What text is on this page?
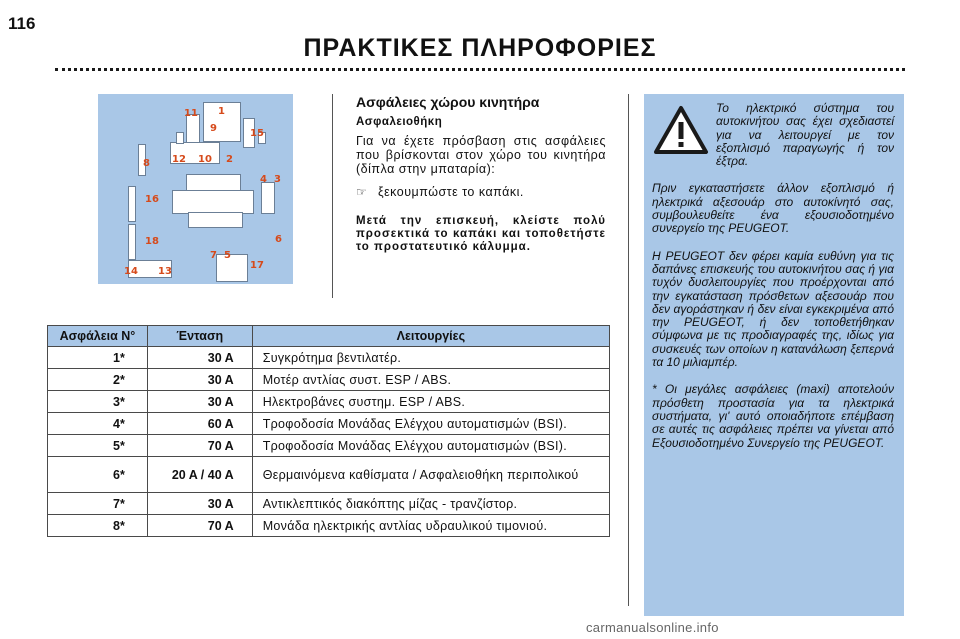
116
ΠΡΑΚΤΙΚΕΣ ΠΛΗΡΟΦΟΡΙΕΣ
1
11
9	15
12 10 2
8
16
4 3
6
18
7 5
17
14 13
Ασφάλειες χώρου κινητήρα
Ασφαλειοθήκη
Για να έχετε πρόσβαση στις ασφάλειες που βρίσκονται στον χώρο του κινητήρα (δίπλα στην μπαταρία):
☞ ξεκουμπώστε το καπάκι.
Μετά την επισκευή, κλείστε πολύ προσεκτικά το καπάκι και τοποθετήστε το προστατευτικό κάλυμμα.
Ασφάλεια N°	Ένταση	Λειτουργίες
1*	30 A	Συγκρότημα βεντιλατέρ.
2*	30 A	Μοτέρ αντλίας συστ. ESP / ABS.
3*	30 A	Ηλεκτροβάνες συστημ. ESP / ABS.
4*	60 A	Τροφοδοσία Μονάδας Ελέγχου αυτοματισμών (BSI).
5*	70 A	Τροφοδοσία Μονάδας Ελέγχου αυτοματισμών (BSI).
6*	20 A / 40 A	Θερμαινόμενα καθίσματα / Ασφαλειοθήκη περιπολικού
7*	30 A	Αντικλεπτικός διακόπτης μίζας - τρανζίστορ.
8*	70 A	Μονάδα ηλεκτρικής αντλίας υδραυλικού τιμονιού.

Το ηλεκτρικό σύστημα του αυτοκινήτου σας έχει σχεδιαστεί για να λειτουργεί με τον εξοπλισμό παραγωγής ή τον έξτρα.

Πριν εγκαταστήσετε άλλον εξοπλισμό ή ηλεκτρικά αξεσουάρ στο αυτοκίνητό σας, συμβουλευθείτε ένα εξουσιοδοτημένο συνεργείο της PEUGEOT.

Η PEUGEOT δεν φέρει καμία ευθύνη για τις δαπάνες επισκευής του αυτοκινήτου σας ή για τυχόν δυσλειτουργίες που προέρχονται από την εγκατάσταση πρόσθετων αξεσουάρ που δεν αγοράστηκαν ή δεν είναι εγκεκριμένα από την PEUGEOT, ή δεν τοποθετήθηκαν σύμφωνα με τις προδιαγραφές της, ιδίως για συσκευές των οποίων η κατανάλωση ξεπερνά τα 10 μιλιαμπέρ.

* Οι μεγάλες ασφάλειες (maxi) αποτελούν πρόσθετη προστασία για τα ηλεκτρικά συστήματα, γι' αυτό οποιαδήποτε επέμβαση σε αυτές τις ασφάλειες πρέπει να γίνεται από Εξουσιοδοτημένο Συνεργείο της PEUGEOT.

carmanualsonline.info
